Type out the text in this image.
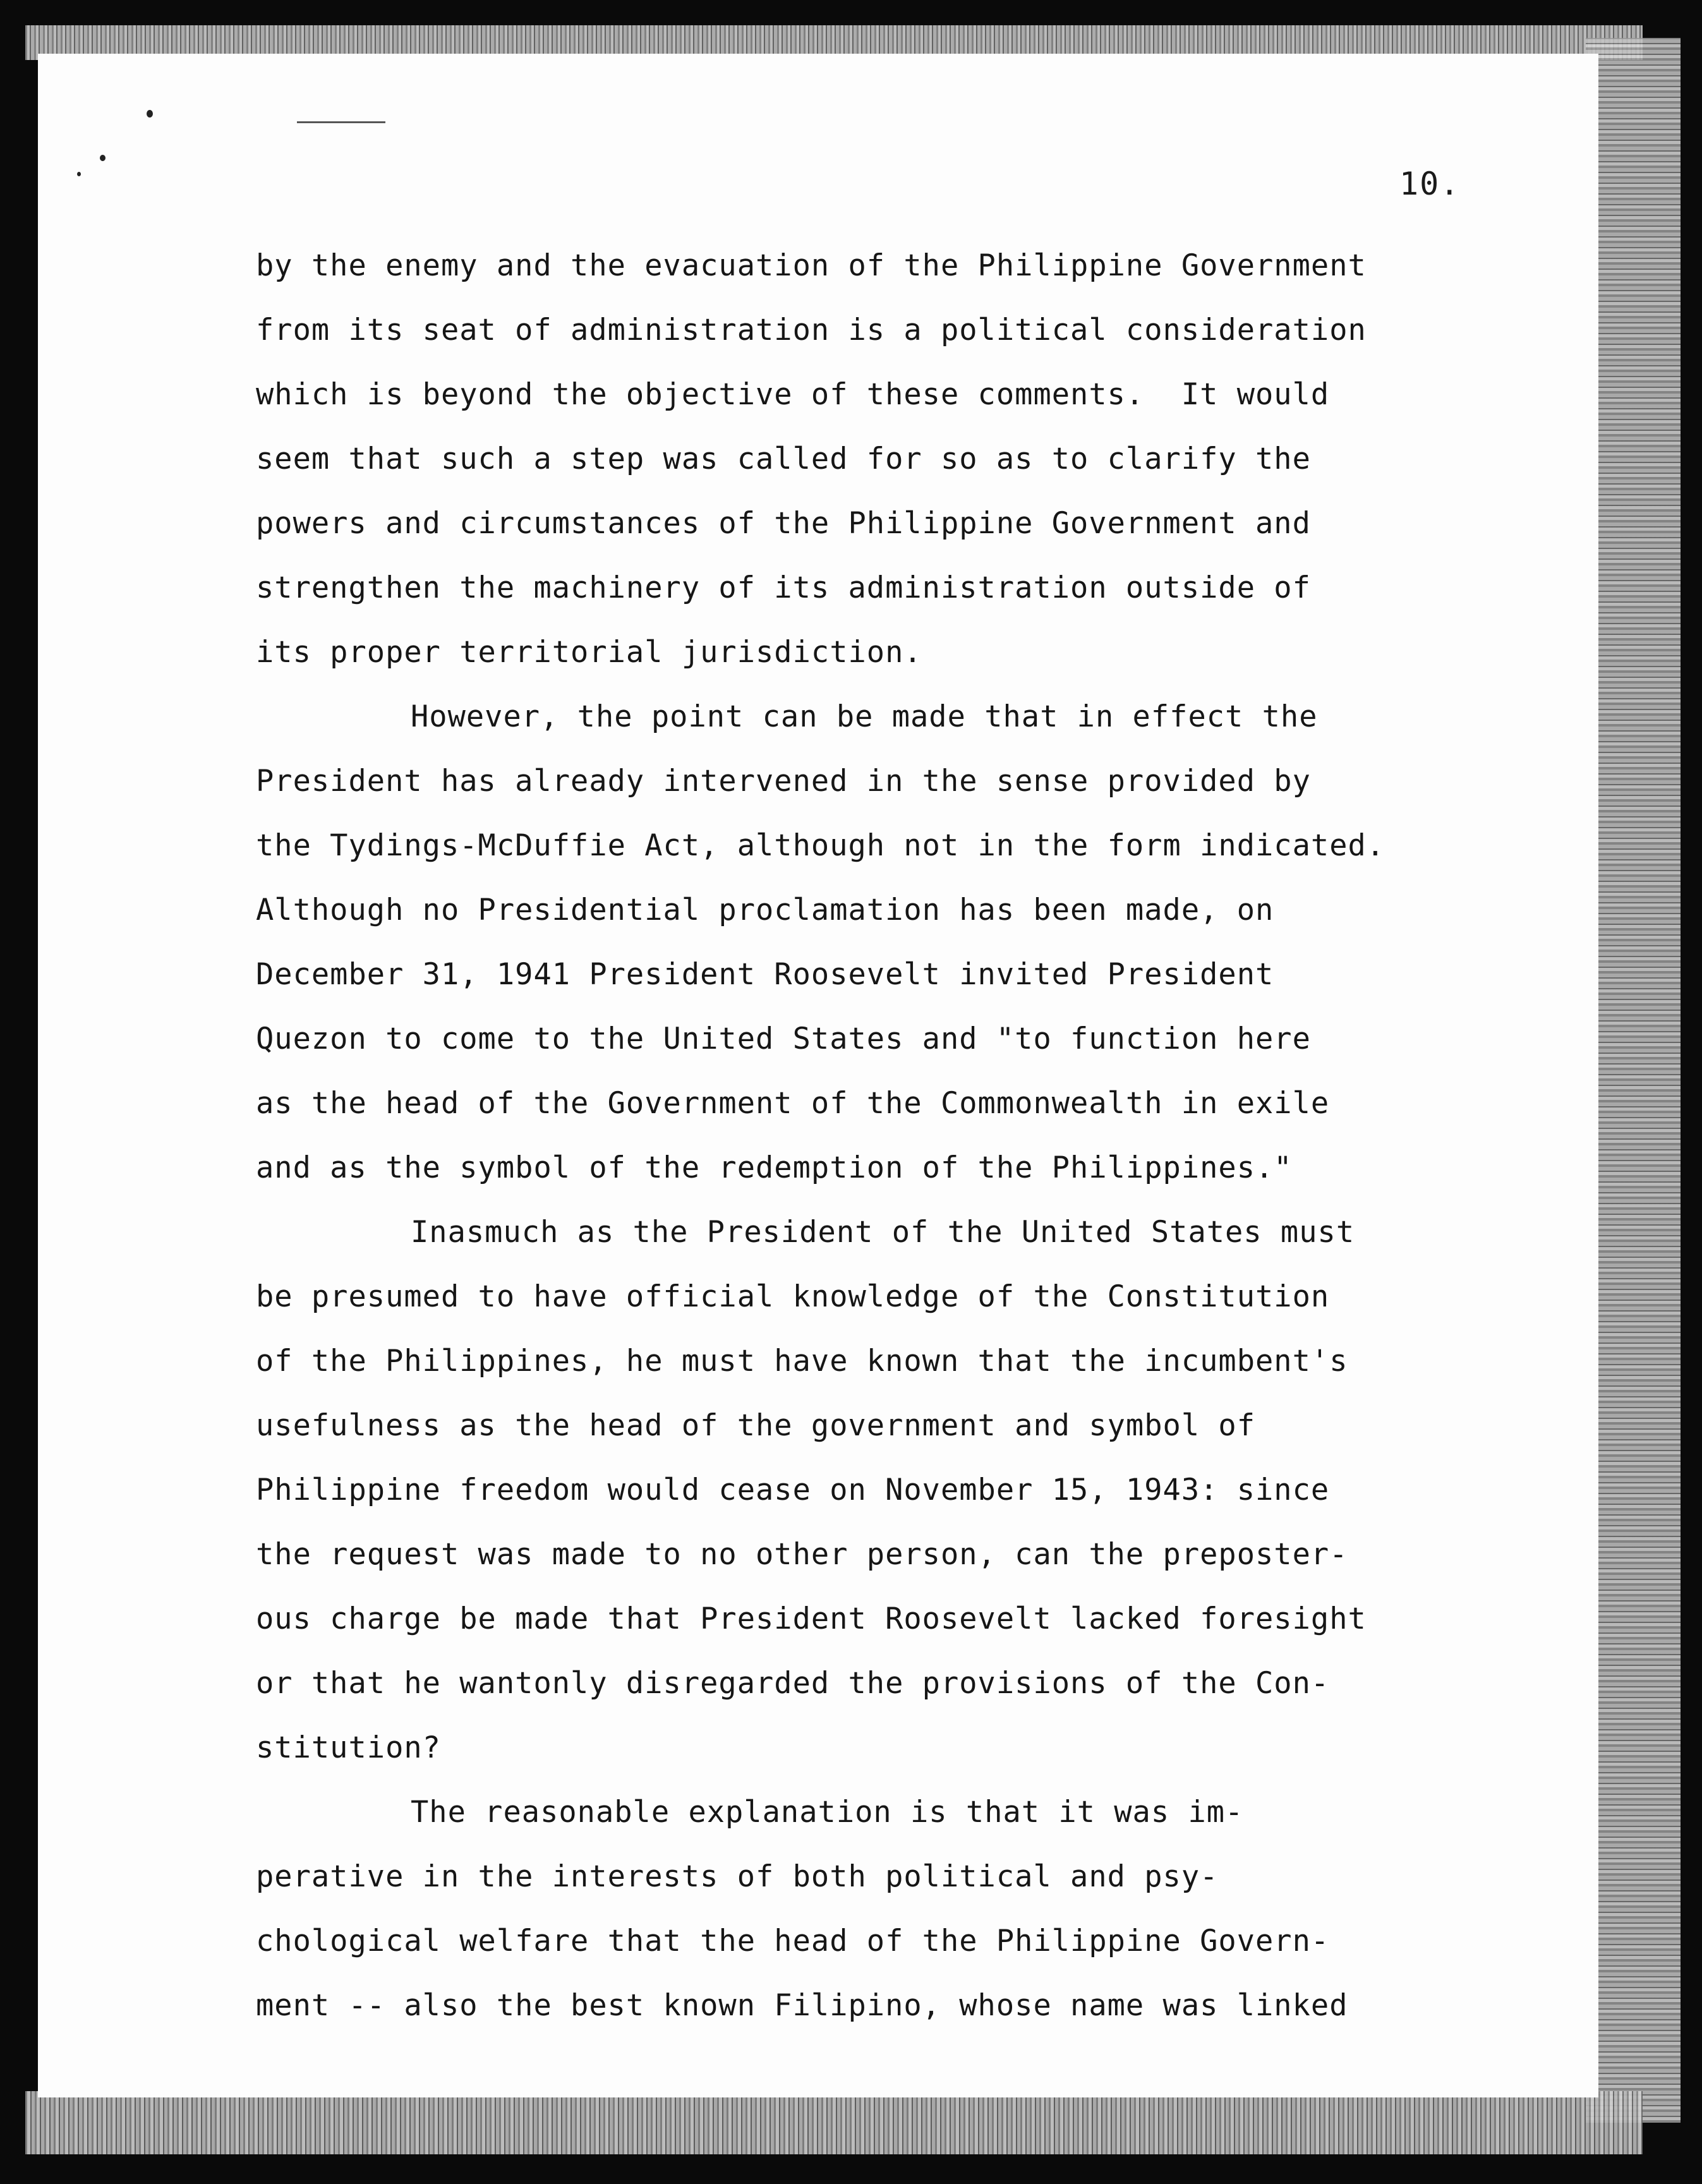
10.
by the enemy and the evacuation of the Philippine Government
from its seat of administration is a political consideration
which is beyond the objective of these comments.  It would
seem that such a step was called for so as to clarify the
powers and circumstances of the Philippine Government and
strengthen the machinery of its administration outside of
its proper territorial jurisdiction.
However, the point can be made that in effect the
President has already intervened in the sense provided by
the Tydings-McDuffie Act, although not in the form indicated.
Although no Presidential proclamation has been made, on
December 31, 1941 President Roosevelt invited President
Quezon to come to the United States and "to function here
as the head of the Government of the Commonwealth in exile
and as the symbol of the redemption of the Philippines."
Inasmuch as the President of the United States must
be presumed to have official knowledge of the Constitution
of the Philippines, he must have known that the incumbent's
usefulness as the head of the government and symbol of
Philippine freedom would cease on November 15, 1943: since
the request was made to no other person, can the preposter-
ous charge be made that President Roosevelt lacked foresight
or that he wantonly disregarded the provisions of the Con-
stitution?
The reasonable explanation is that it was im-
perative in the interests of both political and psy-
chological welfare that the head of the Philippine Govern-
ment -- also the best known Filipino, whose name was linked
